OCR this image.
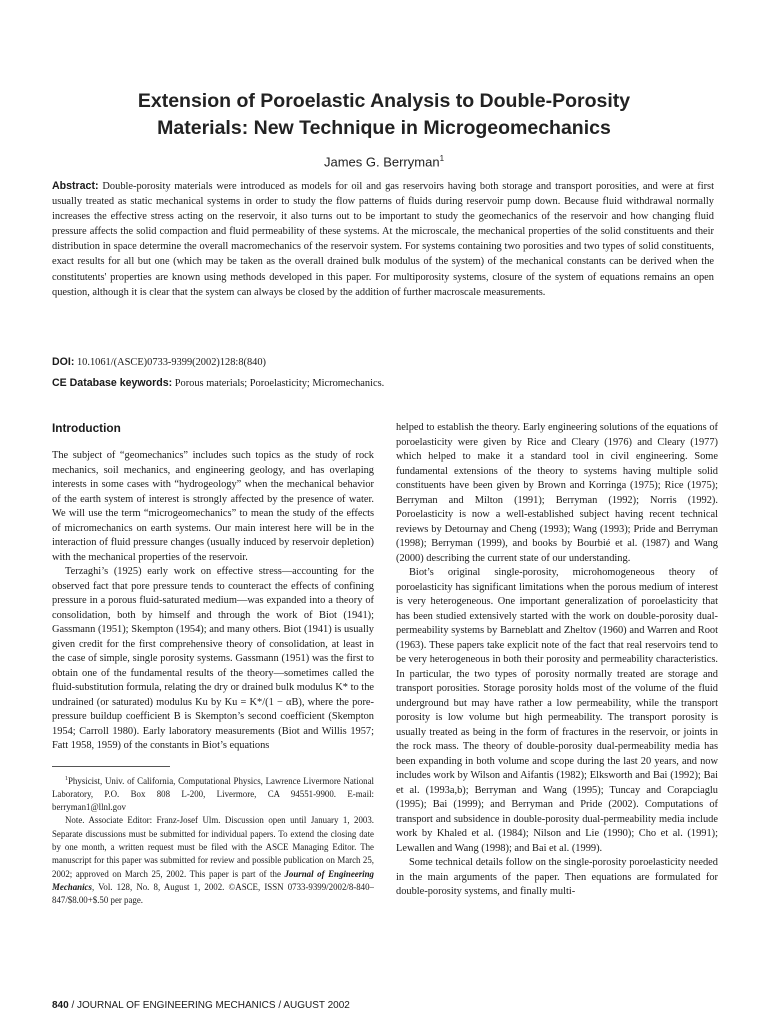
Extension of Poroelastic Analysis to Double-Porosity
Materials: New Technique in Microgeomechanics
James G. Berryman$^1$

Abstract: Double-porosity materials were introduced as models for oil and gas reservoirs having both storage and transport porosities, and were at first usually treated as static mechanical systems in order to study the flow patterns of fluids during reservoir pump down. Because fluid withdrawal normally increases the effective stress acting on the reservoir, it also turns out to be important to study the geomechanics of the reservoir and how changing fluid pressure affects the solid compaction and fluid permeability of these systems. At the microscale, the mechanical properties of the solid constituents and their distribution in space determine the overall macromechanics of the reservoir system. For systems containing two porosities and two types of solid constituents, exact results for all but one (which may be taken as the overall drained bulk modulus of the system) of the mechanical constants can be derived when the constitutents' properties are known using methods developed in this paper. For multiporosity systems, closure of the system of equations remains an open question, although it is clear that the system can always be closed by the addition of further macroscale measurements.

DOI: 10.1061/(ASCE)0733-9399(2002)128:8(840)

CE Database keywords: Porous materials; Poroelasticity; Micromechanics.

Introduction

The subject of “geomechanics” includes such topics as the study of rock mechanics, soil mechanics, and engineering geology, and has overlaping interests in some cases with “hydrogeology” when the mechanical behavior of the earth system of interest is strongly affected by the presence of water. We will use the term “microgeomechanics” to mean the study of the effects of micromechanics on earth systems. Our main interest here will be in the interaction of fluid pressure changes (usually induced by reservoir depletion) with the mechanical properties of the reservoir.

Terzaghi’s (1925) early work on effective stress—accounting for the observed fact that pore pressure tends to counteract the effects of confining pressure in a porous fluid-saturated medium—was expanded into a theory of consolidation, both by himself and through the work of Biot (1941); Gassmann (1951); Skempton (1954); and many others. Biot (1941) is usually given credit for the first comprehensive theory of consolidation, at least in the case of simple, single porosity systems. Gassmann (1951) was the first to obtain one of the fundamental results of the theory—sometimes called the fluid-substitution formula, relating the dry or drained bulk modulus K* to the undrained (or saturated) modulus Ku by Ku = K*/(1 − αB), where the pore-pressure buildup coefficient B is Skempton’s second coefficient (Skempton 1954; Carroll 1980). Early laboratory measurements (Biot and Willis 1957; Fatt 1958, 1959) of the constants in Biot’s equations

$^1$Physicist, Univ. of California, Computational Physics, Lawrence Livermore National Laboratory, P.O. Box 808 L-200, Livermore, CA 94551-9900. E-mail: berryman1@llnl.gov

Note. Associate Editor: Franz-Josef Ulm. Discussion open until January 1, 2003. Separate discussions must be submitted for individual papers. To extend the closing date by one month, a written request must be filed with the ASCE Managing Editor. The manuscript for this paper was submitted for review and possible publication on March 25, 2002; approved on March 25, 2002. This paper is part of the Journal of Engineering Mechanics, Vol. 128, No. 8, August 1, 2002. ©ASCE, ISSN 0733-9399/2002/8-840–847/$8.00+$.50 per page.

helped to establish the theory. Early engineering solutions of the equations of poroelasticity were given by Rice and Cleary (1976) and Cleary (1977) which helped to make it a standard tool in civil engineering. Some fundamental extensions of the theory to systems having multiple solid constituents have been given by Brown and Korringa (1975); Rice (1975); Berryman and Milton (1991); Berryman (1992); Norris (1992). Poroelasticity is now a well-established subject having recent technical reviews by Detournay and Cheng (1993); Wang (1993); Pride and Berryman (1998); Berryman (1999), and books by Bourbié et al. (1987) and Wang (2000) describing the current state of our understanding.

Biot’s original single-porosity, microhomogeneous theory of poroelasticity has significant limitations when the porous medium of interest is very heterogeneous. One important generalization of poroelasticity that has been studied extensively started with the work on double-porosity dual-permeability systems by Barneblatt and Zheltov (1960) and Warren and Root (1963). These papers take explicit note of the fact that real reservoirs tend to be very heterogeneous in both their porosity and permeability characteristics. In particular, the two types of porosity normally treated are storage and transport porosities. Storage porosity holds most of the volume of the fluid underground but may have rather a low permeability, while the transport porosity is low volume but high permeability. The transport porosity is usually treated as being in the form of fractures in the reservoir, or joints in the rock mass. The theory of double-porosity dual-permeability media has been expanding in both volume and scope during the last 20 years, and now includes work by Wilson and Aifantis (1982); Elksworth and Bai (1992); Bai et al. (1993a,b); Berryman and Wang (1995); Tuncay and Corapciaglu (1995); Bai (1999); and Berryman and Pride (2002). Computations of transport and subsidence in double-porosity dual-permeability media include work by Khaled et al. (1984); Nilson and Lie (1990); Cho et al. (1991); Lewallen and Wang (1998); and Bai et al. (1999).

Some technical details follow on the single-porosity poroelasticity needed in the main arguments of the paper. Then equations are formulated for double-porosity systems, and finally multi-

840 / JOURNAL OF ENGINEERING MECHANICS / AUGUST 2002
